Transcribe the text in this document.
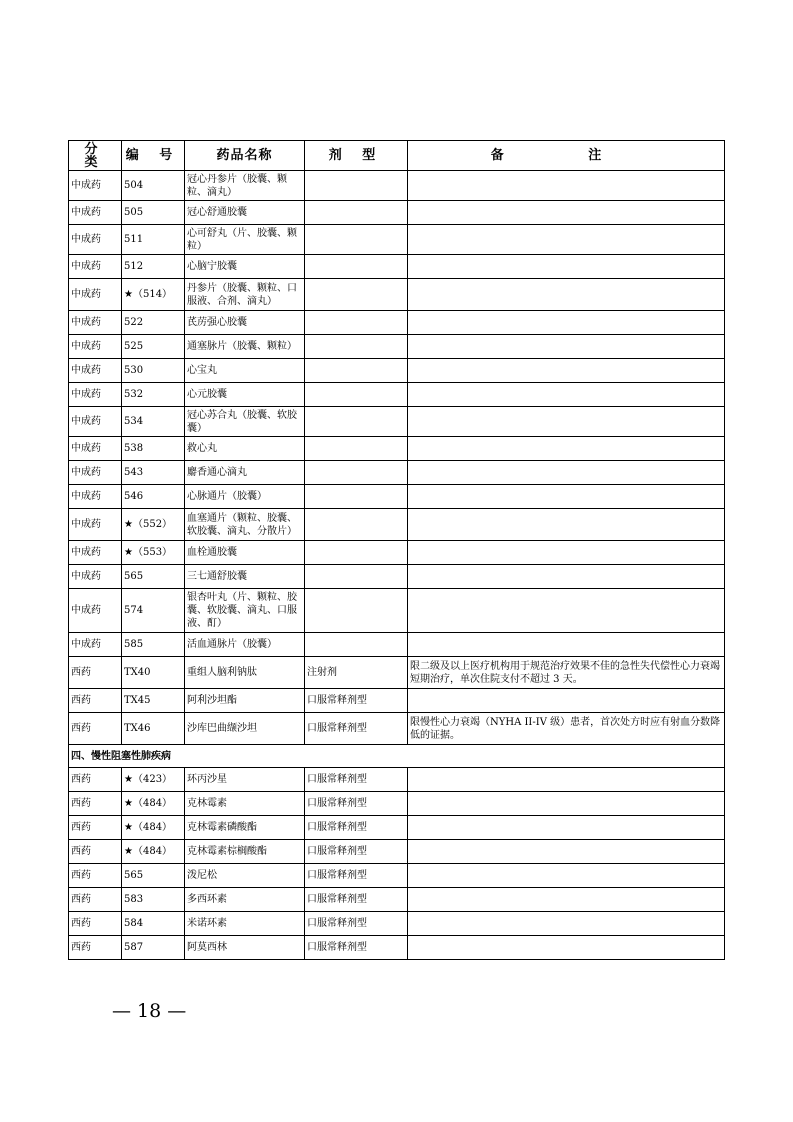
分 类	编 号	药品名称	剂 型	备 注
中成药	504	冠心丹参片（胶囊、颗粒、滴丸）		
中成药	505	冠心舒通胶囊		
中成药	511	心可舒丸（片、胶囊、颗粒）		
中成药	512	心脑宁胶囊		
中成药	★（514）	丹参片（胶囊、颗粒、口服液、合剂、滴丸）		
中成药	522	芪苈强心胶囊		
中成药	525	通塞脉片（胶囊、颗粒）		
中成药	530	心宝丸		
中成药	532	心元胶囊		
中成药	534	冠心苏合丸（胶囊、软胶囊）		
中成药	538	救心丸		
中成药	543	麝香通心滴丸		
中成药	546	心脉通片（胶囊）		
中成药	★（552）	血塞通片（颗粒、胶囊、软胶囊、滴丸、分散片）		
中成药	★（553）	血栓通胶囊		
中成药	565	三七通舒胶囊		
中成药	574	银杏叶丸（片、颗粒、胶囊、软胶囊、滴丸、口服液、酊）		
中成药	585	活血通脉片（胶囊）		
西药	TX40	重组人脑利钠肽	注射剂	限二级及以上医疗机构用于规范治疗效果不佳的急性失代偿性心力衰竭短期治疗，单次住院支付不超过 3 天。
西药	TX45	阿利沙坦酯	口服常释剂型	
西药	TX46	沙库巴曲缬沙坦	口服常释剂型	限慢性心力衰竭（NYHA II-IV 级）患者，首次处方时应有射血分数降低的证据。
四、慢性阻塞性肺疾病				
西药	★（423）	环丙沙星	口服常释剂型	
西药	★（484）	克林霉素	口服常释剂型	
西药	★（484）	克林霉素磷酸酯	口服常释剂型	
西药	★（484）	克林霉素棕榈酸酯	口服常释剂型	
西药	565	泼尼松	口服常释剂型	
西药	583	多西环素	口服常释剂型	
西药	584	米诺环素	口服常释剂型	
西药	587	阿莫西林	口服常释剂型	
— 18 —
